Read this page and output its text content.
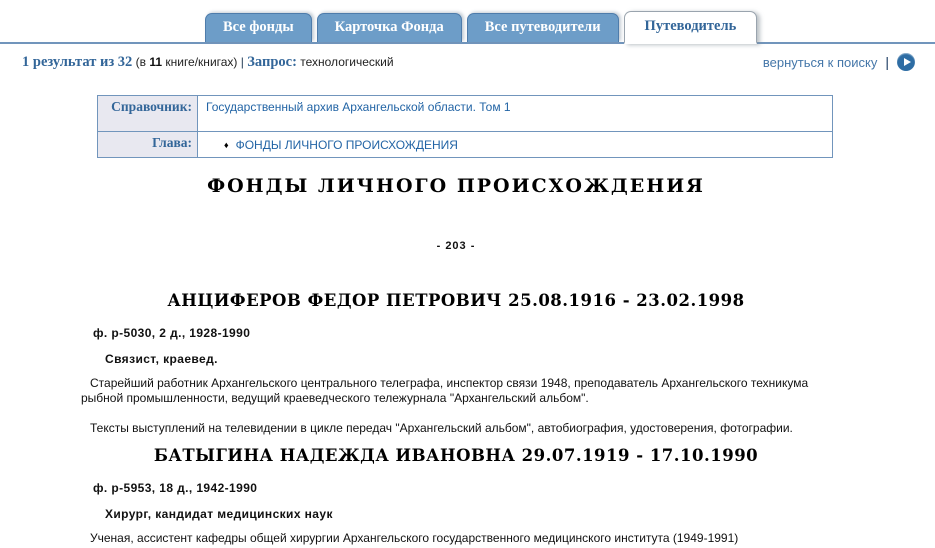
Все фонды	Карточка Фонда	Все путеводители	Путеводитель
1 результат из 32 (в 11 книге/книгах) | Запрос: технологический	вернуться к поиску |
Справочник:	Государственный архив Архангельской области. Том 1
Глава:	♦ ФОНДЫ ЛИЧНОГО ПРОИСХОЖДЕНИЯ
ФОНДЫ ЛИЧНОГО ПРОИСХОЖДЕНИЯ
- 203 -
АНЦИФЕРОВ ФЕДОР ПЕТРОВИЧ 25.08.1916 - 23.02.1998
ф. р-5030, 2 д., 1928-1990
Связист, краевед.
Старейший работник Архангельского центрального телеграфа, инспектор связи 1948, преподаватель Архангельского техникума рыбной промышленности, ведущий краеведческого тележурнала "Архангельский альбом".
Тексты выступлений на телевидении в цикле передач "Архангельский альбом", автобиография, удостоверения, фотографии.
БАТЫГИНА НАДЕЖДА ИВАНОВНА 29.07.1919 - 17.10.1990
ф. р-5953, 18 д., 1942-1990
Хирург, кандидат медицинских наук
Ученая, ассистент кафедры общей хирургии Архангельского государственного медицинского института (1949-1991)
